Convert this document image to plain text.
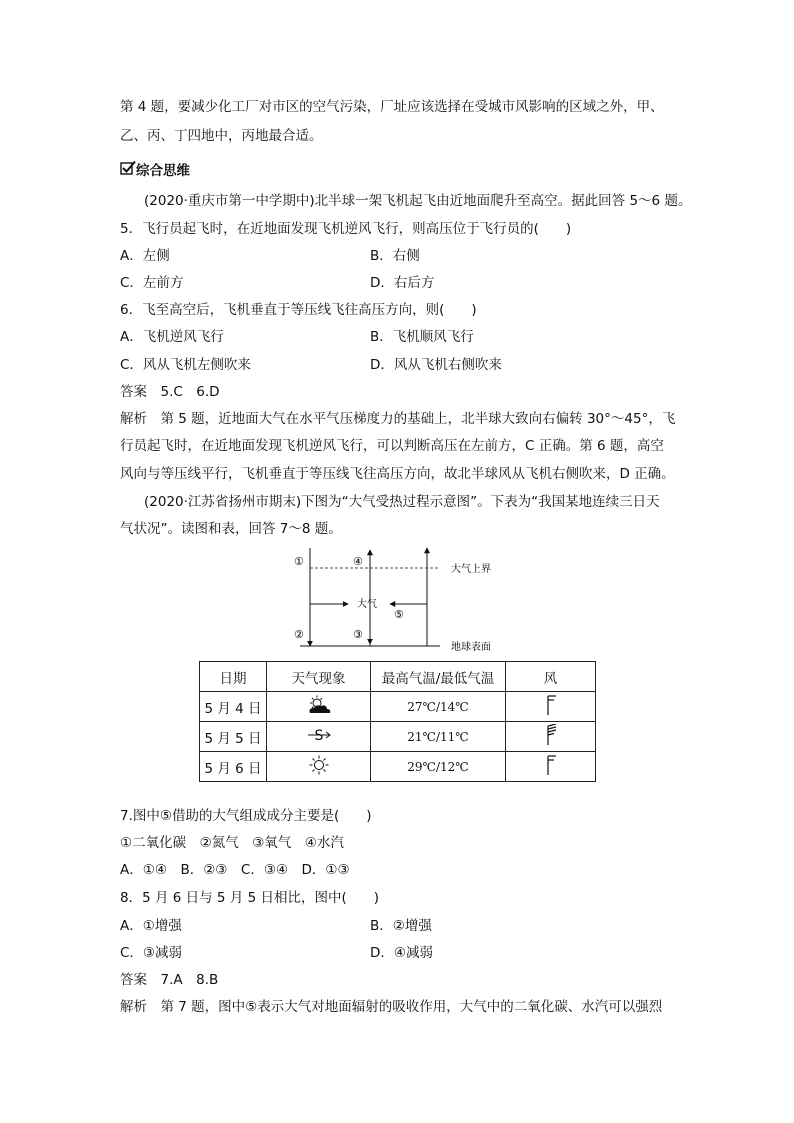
第 4 题，要减少化工厂对市区的空气污染，厂址应该选择在受城市风影响的区域之外，甲、
乙、丙、丁四地中，丙地最合适。
综合思维
(2020·重庆市第一中学期中)北半球一架飞机起飞由近地面爬升至高空。据此回答 5～6 题。
5．飞行员起飞时，在近地面发现飞机逆风飞行，则高压位于飞行员的(　　)
A．左侧	B．右侧
C．左前方	D．右后方
6．飞至高空后，飞机垂直于等压线飞往高压方向，则(　　)
A．飞机逆风飞行	B．飞机顺风飞行
C．风从飞机左侧吹来	D．风从飞机右侧吹来
答案　5.C　6.D
解析　第 5 题，近地面大气在水平气压梯度力的基础上，北半球大致向右偏转 30°～45°，飞
行员起飞时，在近地面发现飞机逆风飞行，可以判断高压在左前方，C 正确。第 6 题，高空
风向与等压线平行，飞机垂直于等压线飞往高压方向，故北半球风从飞机右侧吹来，D 正确。
(2020·江苏省扬州市期末)下图为“大气受热过程示意图”。下表为“我国某地连续三日天
气状况”。读图和表，回答 7～8 题。
①	④
②	③
⑤
大气
大气上界
地球表面
日期	天气现象	最高气温/最低气温	风
5 月 4 日		27℃/14℃	
5 月 5 日	S	21℃/11℃	
5 月 6 日		29℃/12℃	
7.图中⑤借助的大气组成成分主要是(　　)
①二氧化碳　②氮气　③氧气　④水汽
A．①④　B．②③　C．③④　D．①③
8．5 月 6 日与 5 月 5 日相比，图中(　　)
A．①增强	B．②增强
C．③减弱	D．④减弱
答案　7.A　8.B
解析　第 7 题，图中⑤表示大气对地面辐射的吸收作用，大气中的二氧化碳、水汽可以强烈
